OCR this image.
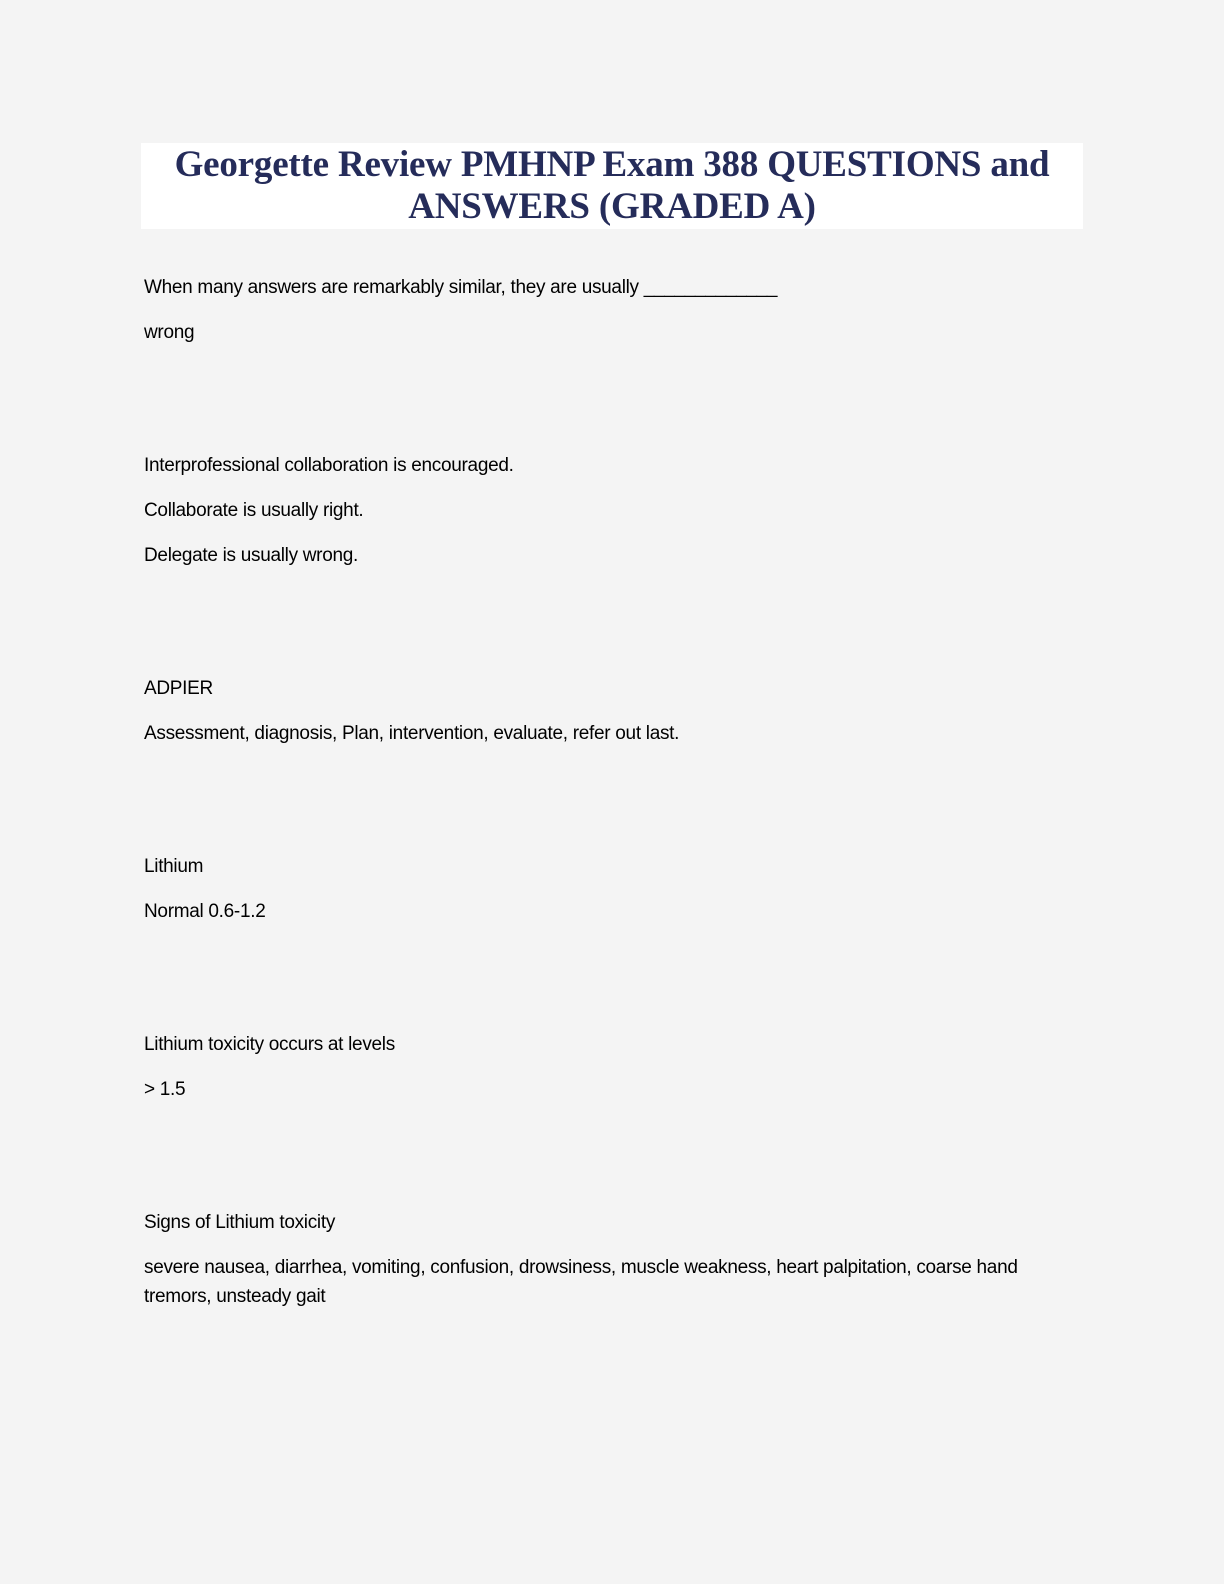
Georgette Review PMHNP Exam 388 QUESTIONS and ANSWERS (GRADED A)

When many answers are remarkably similar, they are usually _____________

wrong

Interprofessional collaboration is encouraged.

Collaborate is usually right.

Delegate is usually wrong.

ADPIER

Assessment, diagnosis, Plan, intervention, evaluate, refer out last.

Lithium

Normal 0.6-1.2

Lithium toxicity occurs at levels

> 1.5

Signs of Lithium toxicity

severe nausea, diarrhea, vomiting, confusion, drowsiness, muscle weakness, heart palpitation, coarse hand tremors, unsteady gait
